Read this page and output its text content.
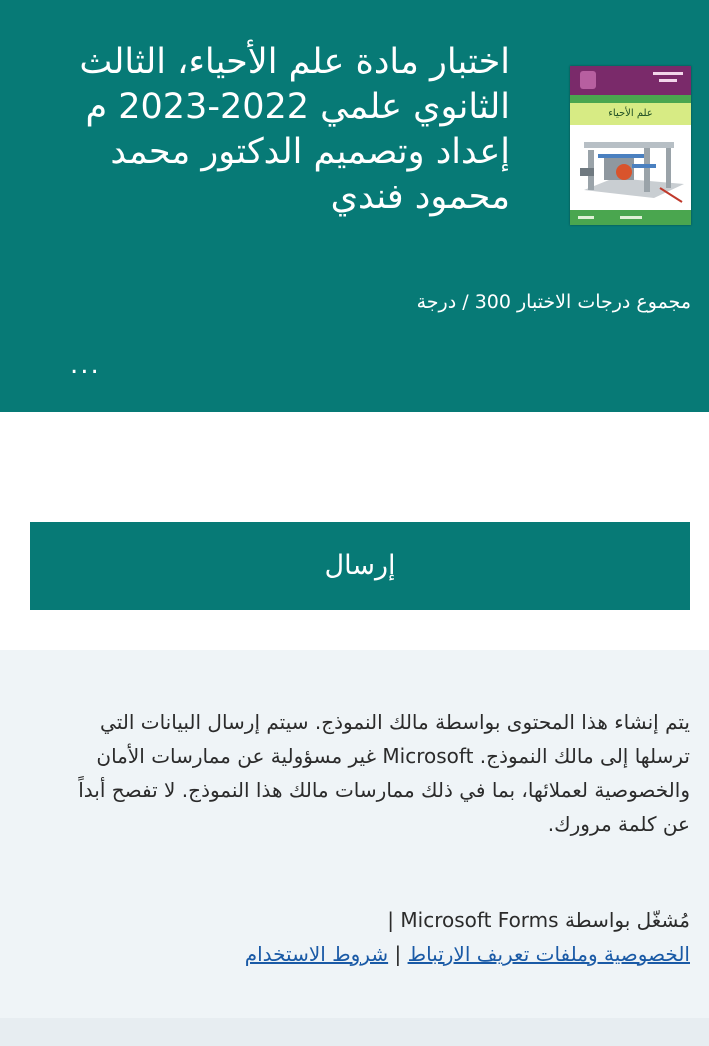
اختبار مادة علم الأحياء، الثالث
الثانوي علمي 2022-2023 م
إعداد وتصميم الدكتور محمد
محمود فندي
علم الأحياء
مجموع درجات الاختبار 300 / درجة
...
إرسال
يتم إنشاء هذا المحتوى بواسطة مالك النموذج. سيتم إرسال البيانات التي ترسلها إلى مالك النموذج. Microsoft غير مسؤولية عن ممارسات الأمان والخصوصية لعملائها، بما في ذلك ممارسات مالك هذا النموذج. لا تفصح أبداً عن كلمة مرورك.
مُشغّل بواسطة Microsoft Forms |
الخصوصية وملفات تعريف الارتباط | شروط الاستخدام
